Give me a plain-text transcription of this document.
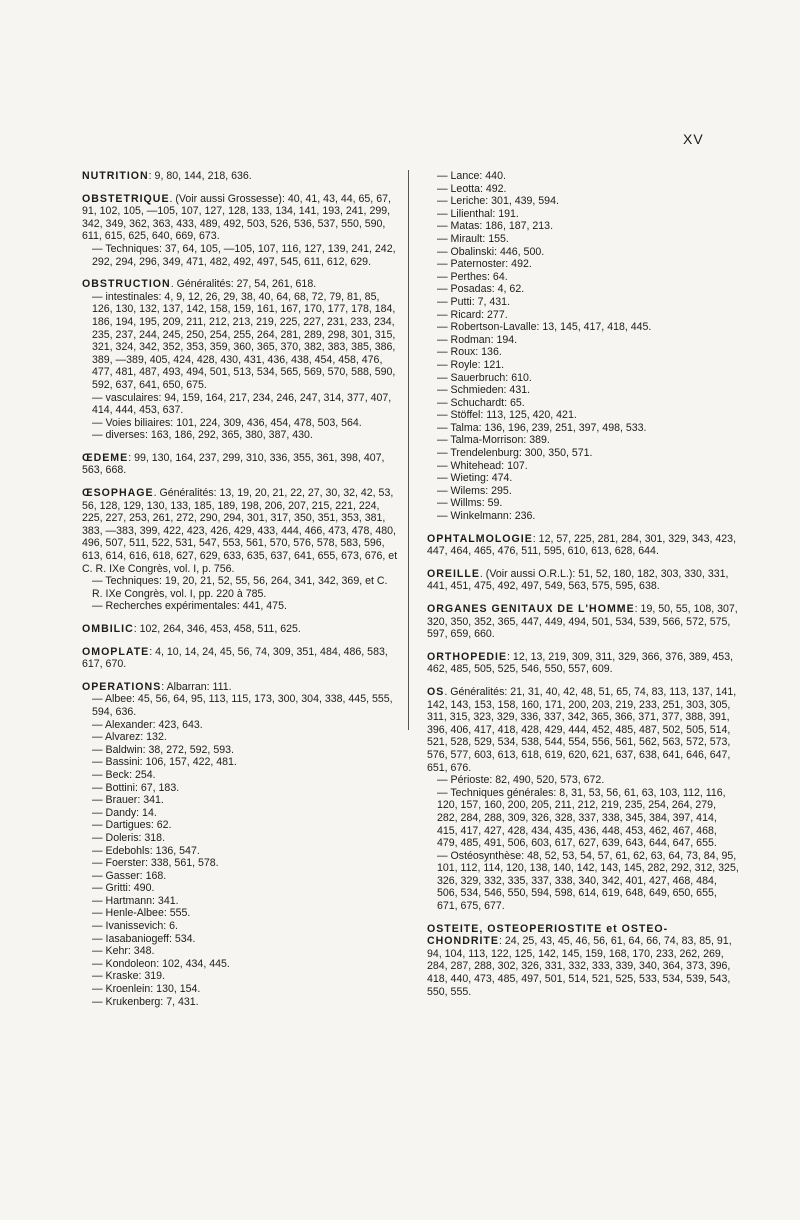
XV
NUTRITION: 9, 80, 144, 218, 636.
OBSTETRIQUE. (Voir aussi Grossesse): 40, 41, 43, 44, 65, 67, 91, 102, 105, —105, 107, 127, 128, 133, 134, 141, 193, 241, 299, 342, 349, 362, 363, 433, 489, 492, 503, 526, 536, 537, 550, 590, 611, 615, 625, 640, 669, 673.
— Techniques: 37, 64, 105, —105, 107, 116, 127, 139, 241, 242, 292, 294, 296, 349, 471, 482, 492, 497, 545, 611, 612, 629.
OBSTRUCTION. Généralités: 27, 54, 261, 618.
— intestinales: 4, 9, 12, 26, 29, 38, 40, 64, 68, 72, 79, 81, 85, 126, 130, 132, 137, 142, 158, 159, 161, 167, 170, 177, 178, 184, 186, 194, 195, 209, 211, 212, 213, 219, 225, 227, 231, 233, 234, 235, 237, 244, 245, 250, 254, 255, 264, 281, 289, 298, 301, 315, 321, 324, 342, 352, 353, 359, 360, 365, 370, 382, 383, 385, 386, 389, —389, 405, 424, 428, 430, 431, 436, 438, 454, 458, 476, 477, 481, 487, 493, 494, 501, 513, 534, 565, 569, 570, 588, 590, 592, 637, 641, 650, 675.
— vasculaires: 94, 159, 164, 217, 234, 246, 247, 314, 377, 407, 414, 444, 453, 637.
— Voies biliaires: 101, 224, 309, 436, 454, 478, 503, 564.
— diverses: 163, 186, 292, 365, 380, 387, 430.
ŒDEME: 99, 130, 164, 237, 299, 310, 336, 355, 361, 398, 407, 563, 668.
ŒSOPHAGE. Généralités: 13, 19, 20, 21, 22, 27, 30, 32, 42, 53, 56, 128, 129, 130, 133, 185, 189, 198, 206, 207, 215, 221, 224, 225, 227, 253, 261, 272, 290, 294, 301, 317, 350, 351, 353, 381, 383, —383, 399, 422, 423, 426, 429, 433, 444, 466, 473, 478, 480, 496, 507, 511, 522, 531, 547, 553, 561, 570, 576, 578, 583, 596, 613, 614, 616, 618, 627, 629, 633, 635, 637, 641, 655, 673, 676, et C. R. IXe Congrès, vol. I, p. 756.
— Techniques: 19, 20, 21, 52, 55, 56, 264, 341, 342, 369, et C. R. IXe Congrès, vol. I, pp. 220 à 785.
— Recherches expérimentales: 441, 475.
OMBILIC: 102, 264, 346, 453, 458, 511, 625.
OMOPLATE: 4, 10, 14, 24, 45, 56, 74, 309, 351, 484, 486, 583, 617, 670.
OPERATIONS: Albarran: 111.
— Albee: 45, 56, 64, 95, 113, 115, 173, 300, 304, 338, 445, 555, 594, 636.
— Alexander: 423, 643.
— Alvarez: 132.
— Baldwin: 38, 272, 592, 593.
— Bassini: 106, 157, 422, 481.
— Beck: 254.
— Bottini: 67, 183.
— Brauer: 341.
— Dandy: 14.
— Dartigues: 62.
— Doleris: 318.
— Edebohls: 136, 547.
— Foerster: 338, 561, 578.
— Gasser: 168.
— Gritti: 490.
— Hartmann: 341.
— Henle-Albee: 555.
— Ivanissevich: 6.
— Iasabaniogeff: 534.
— Kehr: 348.
— Kondoleon: 102, 434, 445.
— Kraske: 319.
— Kroenlein: 130, 154.
— Krukenberg: 7, 431.
— Lance: 440.
— Leotta: 492.
— Leriche: 301, 439, 594.
— Lilienthal: 191.
— Matas: 186, 187, 213.
— Mirault: 155.
— Obalinski: 446, 500.
— Paternoster: 492.
— Perthes: 64.
— Posadas: 4, 62.
— Putti: 7, 431.
— Ricard: 277.
— Robertson-Lavalle: 13, 145, 417, 418, 445.
— Rodman: 194.
— Roux: 136.
— Royle: 121.
— Sauerbruch: 610.
— Schmieden: 431.
— Schuchardt: 65.
— Stöffel: 113, 125, 420, 421.
— Talma: 136, 196, 239, 251, 397, 498, 533.
— Talma-Morrison: 389.
— Trendelenburg: 300, 350, 571.
— Whitehead: 107.
— Wieting: 474.
— Wilems: 295.
— Willms: 59.
— Winkelmann: 236.
OPHTALMOLOGIE: 12, 57, 225, 281, 284, 301, 329, 343, 423, 447, 464, 465, 476, 511, 595, 610, 613, 628, 644.
OREILLE. (Voir aussi O.R.L.): 51, 52, 180, 182, 303, 330, 331, 441, 451, 475, 492, 497, 549, 563, 575, 595, 638.
ORGANES GENITAUX DE L'HOMME: 19, 50, 55, 108, 307, 320, 350, 352, 365, 447, 449, 494, 501, 534, 539, 566, 572, 575, 597, 659, 660.
ORTHOPEDIE: 12, 13, 219, 309, 311, 329, 366, 376, 389, 453, 462, 485, 505, 525, 546, 550, 557, 609.
OS. Généralités: 21, 31, 40, 42, 48, 51, 65, 74, 83, 113, 137, 141, 142, 143, 153, 158, 160, 171, 200, 203, 219, 233, 251, 303, 305, 311, 315, 323, 329, 336, 337, 342, 365, 366, 371, 377, 388, 391, 396, 406, 417, 418, 428, 429, 444, 452, 485, 487, 502, 505, 514, 521, 528, 529, 534, 538, 544, 554, 556, 561, 562, 563, 572, 573, 576, 577, 603, 613, 618, 619, 620, 621, 637, 638, 641, 646, 647, 651, 676.
— Périoste: 82, 490, 520, 573, 672.
— Techniques générales: 8, 31, 53, 56, 61, 63, 103, 112, 116, 120, 157, 160, 200, 205, 211, 212, 219, 235, 254, 264, 279, 282, 284, 288, 309, 326, 328, 337, 338, 345, 384, 397, 414, 415, 417, 427, 428, 434, 435, 436, 448, 453, 462, 467, 468, 479, 485, 491, 506, 603, 617, 627, 639, 643, 644, 647, 655.
— Ostéosynthèse: 48, 52, 53, 54, 57, 61, 62, 63, 64, 73, 84, 95, 101, 112, 114, 120, 138, 140, 142, 143, 145, 282, 292, 312, 325, 326, 329, 332, 335, 337, 338, 340, 342, 401, 427, 468, 484, 506, 534, 546, 550, 594, 598, 614, 619, 648, 649, 650, 655, 671, 675, 677.
OSTEITE, OSTEOPERIOSTITE et OSTEO-CHONDRITE: 24, 25, 43, 45, 46, 56, 61, 64, 66, 74, 83, 85, 91, 94, 104, 113, 122, 125, 142, 145, 159, 168, 170, 233, 262, 269, 284, 287, 288, 302, 326, 331, 332, 333, 339, 340, 364, 373, 396, 418, 440, 473, 485, 497, 501, 514, 521, 525, 533, 534, 539, 543, 550, 555.
